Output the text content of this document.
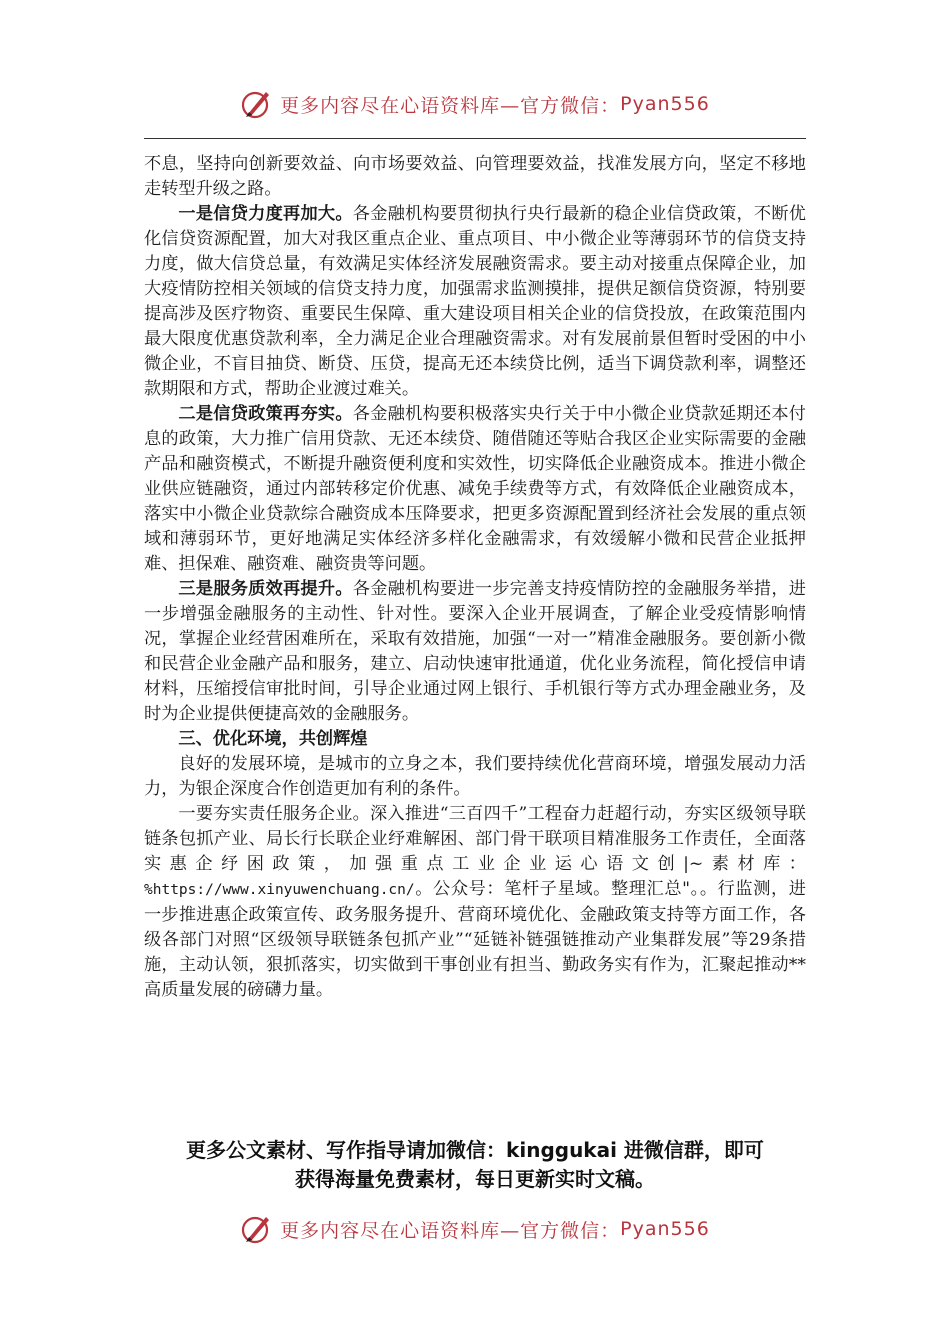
更多内容尽在心语资料库—官方微信： Pyan556

不息，坚持向创新要效益、向市场要效益、向管理要效益，找准发展方向，坚定不移地走转型升级之路。

一是信贷力度再加大。各金融机构要贯彻执行央行最新的稳企业信贷政策，不断优化信贷资源配置，加大对我区重点企业、重点项目、中小微企业等薄弱环节的信贷支持力度，做大信贷总量，有效满足实体经济发展融资需求。要主动对接重点保障企业，加大疫情防控相关领域的信贷支持力度，加强需求监测摸排，提供足额信贷资源，特别要提高涉及医疗物资、重要民生保障、重大建设项目相关企业的信贷投放，在政策范围内最大限度优惠贷款利率，全力满足企业合理融资需求。对有发展前景但暂时受困的中小微企业，不盲目抽贷、断贷、压贷，提高无还本续贷比例，适当下调贷款利率，调整还款期限和方式，帮助企业渡过难关。

二是信贷政策再夯实。各金融机构要积极落实央行关于中小微企业贷款延期还本付息的政策，大力推广信用贷款、无还本续贷、随借随还等贴合我区企业实际需要的金融产品和融资模式，不断提升融资便利度和实效性，切实降低企业融资成本。推进小微企业供应链融资，通过内部转移定价优惠、减免手续费等方式，有效降低企业融资成本，落实中小微企业贷款综合融资成本压降要求，把更多资源配置到经济社会发展的重点领域和薄弱环节，更好地满足实体经济多样化金融需求，有效缓解小微和民营企业抵押难、担保难、融资难、融资贵等问题。

三是服务质效再提升。各金融机构要进一步完善支持疫情防控的金融服务举措，进一步增强金融服务的主动性、针对性。要深入企业开展调查，了解企业受疫情影响情况，掌握企业经营困难所在，采取有效措施，加强“一对一”精准金融服务。要创新小微和民营企业金融产品和服务，建立、启动快速审批通道，优化业务流程，简化授信申请材料，压缩授信审批时间，引导企业通过网上银行、手机银行等方式办理金融业务，及时为企业提供便捷高效的金融服务。

三、优化环境，共创辉煌

良好的发展环境，是城市的立身之本，我们要持续优化营商环境，增强发展动力活力，为银企深度合作创造更加有利的条件。

一要夯实责任服务企业。深入推进“三百四千”工程奋力赶超行动，夯实区级领导联链条包抓产业、局长行长联企业纾难解困、部门骨干联项目精准服务工作责任，全面落实惠企纾困政策，加强重点工业企业运心语文创|~素材库：%https://www.xinyuwenchuang.cn/。公众号：笔杆子星域。整理汇总"。。行监测，进一步推进惠企政策宣传、政务服务提升、营商环境优化、金融政策支持等方面工作，各级各部门对照“区级领导联链条包抓产业”“延链补链强链推动产业集群发展”等29条措施，主动认领，狠抓落实，切实做到干事创业有担当、勤政务实有作为，汇聚起推动**高质量发展的磅礴力量。

更多公文素材、写作指导请加微信：kinggukai 进微信群，即可
获得海量免费素材，每日更新实时文稿。
更多内容尽在心语资料库—官方微信： Pyan556
